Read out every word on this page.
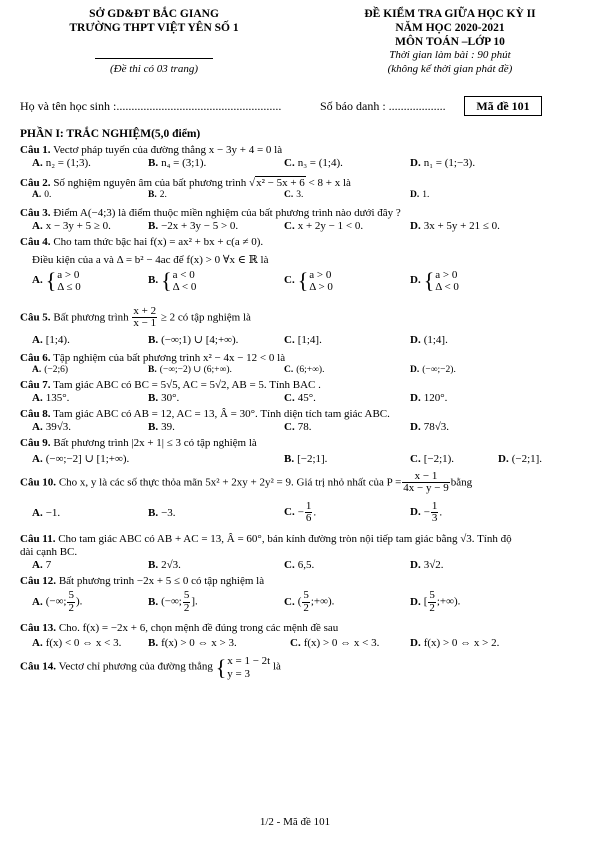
SỞ GD&ĐT BẮC GIANG
TRƯỜNG THPT VIỆT YÊN SỐ 1
(Đề thi có 03 trang)
ĐỀ KIỂM TRA GIỮA HỌC KỲ II
NĂM HỌC 2020-2021
MÔN TOÁN –LỚP 10
Thời gian làm bài : 90 phút
(không kể thời gian phát đề)
Họ và tên học sinh :.......................................................	Số báo danh : ...................	Mã đề 101
PHẦN I: TRẮC NGHIỆM(5,0 điểm)
Câu 1. Vectơ pháp tuyến của đường thẳng x − 3y + 4 = 0 là
A. n₂ = (1;3).	B. n₄ = (3;1).	C. n₃ = (1;4).	D. n₁ = (1;−3).
Câu 2. Số nghiệm nguyên âm của bất phương trình √x² − 5x + 6 < 8 + x là
A. 0.	B. 2.	C. 3.	D. 1.
Câu 3. Điểm A(−4;3) là điểm thuộc miền nghiệm của bất phương trình nào dưới đây ?
A. x − 3y + 5 ≥ 0.	B. −2x + 3y − 5 > 0.	C. x + 2y − 1 < 0.	D. 3x + 5y + 21 ≤ 0.
Câu 4. Cho tam thức bậc hai f(x) = ax² + bx + c(a ≠ 0).
Điều kiện của a và Δ = b² − 4ac để f(x) > 0 ∀x ∈ ℝ là
A. {a > 0
Δ ≤ 0
B. {a < 0
Δ < 0
C. {a > 0
Δ > 0
D. {a > 0
Δ < 0
Câu 5. Bất phương trình $\frac{x + 2}{x - 1} \ge 2$ có tập nghiệm là
A. [1;4).	B. (−∞;1) ∪ [4;+∞).	C. [1;4].	D. (1;4].
Câu 6. Tập nghiệm của bất phương trình x² − 4x − 12 < 0 là
A. (−2;6)	B. (−∞;−2) ∪ (6;+∞).	C. (6;+∞).	D. (−∞;−2).
Câu 7. Tam giác ABC có BC = 5√5, AC = 5√2, AB = 5. Tính BAC .
A. 135°.	B. 30°.	C. 45°.	D. 120°.
Câu 8. Tam giác ABC có AB = 12, AC = 13, Â = 30°. Tính diện tích tam giác ABC.
A. 39√3.	B. 39.	C. 78.	D. 78√3.
Câu 9. Bất phương trình |2x + 1| ≤ 3 có tập nghiệm là
A. (−∞;−2] ∪ [1;+∞).	B. [−2;1].	C. [−2;1).	D. (−2;1].
Câu 10. Cho x, y là các số thực thỏa mãn 5x² + 2xy + 2y² = 9. Giá trị nhỏ nhất của $P = \frac{x - 1}{4x - y - 9}$ bằng
A. −1.	B. −3.	C. − $\frac{1}{6}$ .	D. − $\frac{1}{3}$ .
Câu 11. Cho tam giác ABC có AB + AC = 13, Â = 60°, bán kính đường tròn nội tiếp tam giác bằng √3. Tính độ
dài cạnh BC.
A. 7	B. 2√3.	C. 6,5.	D. 3√2.
Câu 12. Bất phương trình −2x + 5 ≤ 0 có tập nghiệm là
A. (−∞; $\frac{5}{2}$ ).	B. (−∞; $\frac{5}{2}$ ].	C. ( $\frac{5}{2}$ ;+∞).	D. [ $\frac{5}{2}$ ;+∞).
Câu 13. Cho. f(x) = −2x + 6, chọn mệnh đề đúng trong các mệnh đề sau
A. f(x) < 0 ⇔ x < 3. B. f(x) > 0 ⇔ x > 3.	C. f(x) > 0 ⇔ x < 3.	D. f(x) > 0 ⇔ x > 2.
Câu 14. Vectơ chỉ phương của đường thẳng {x = 1 − 2t
y = 3 là
1/2 - Mã đề 101
